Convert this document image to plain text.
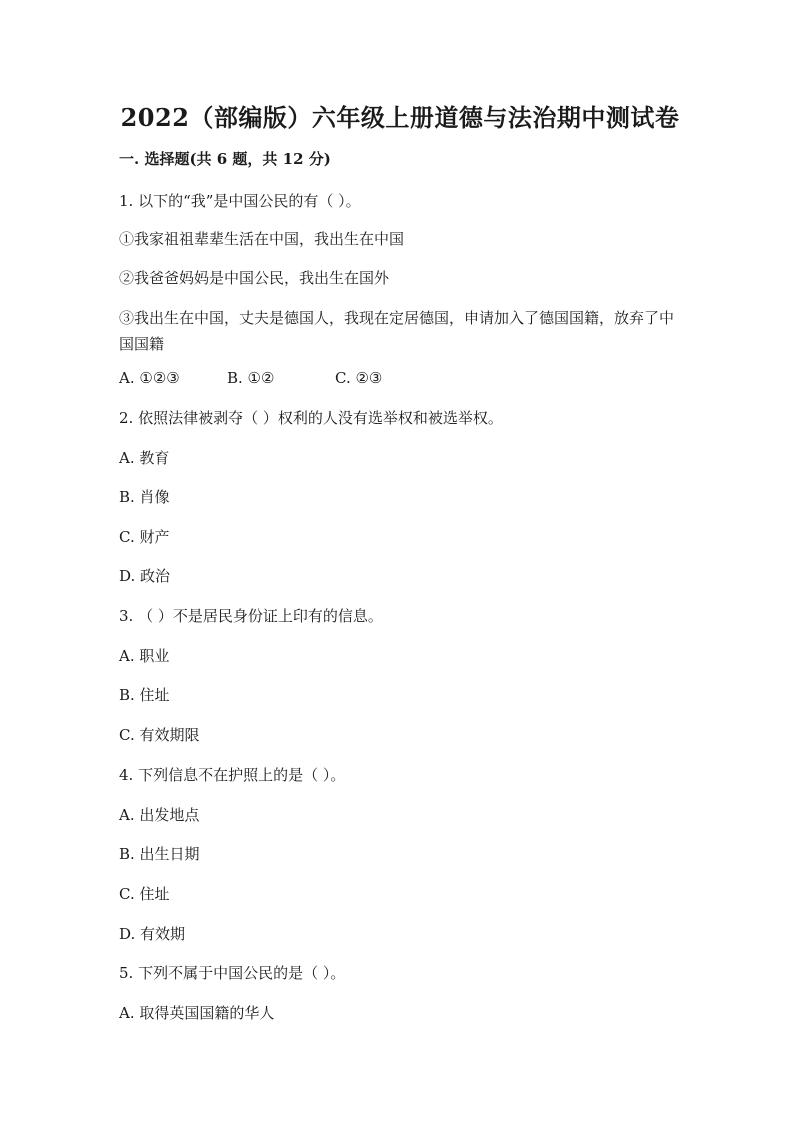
2022（部编版）六年级上册道德与法治期中测试卷
一. 选择题(共 6 题，共 12 分)
1. 以下的“我”是中国公民的有（ ）。
①我家祖祖辈辈生活在中国，我出生在中国
②我爸爸妈妈是中国公民，我出生在国外
③我出生在中国，丈夫是德国人，我现在定居德国，申请加入了德国国籍，放弃了中国国籍
A. ①②③	B. ①②	C. ②③
2. 依照法律被剥夺（ ）权利的人没有选举权和被选举权。
A. 教育
B. 肖像
C. 财产
D. 政治
3. （ ）不是居民身份证上印有的信息。
A. 职业
B. 住址
C. 有效期限
4. 下列信息不在护照上的是（ ）。
A. 出发地点
B. 出生日期
C. 住址
D. 有效期
5. 下列不属于中国公民的是（ ）。
A. 取得英国国籍的华人
